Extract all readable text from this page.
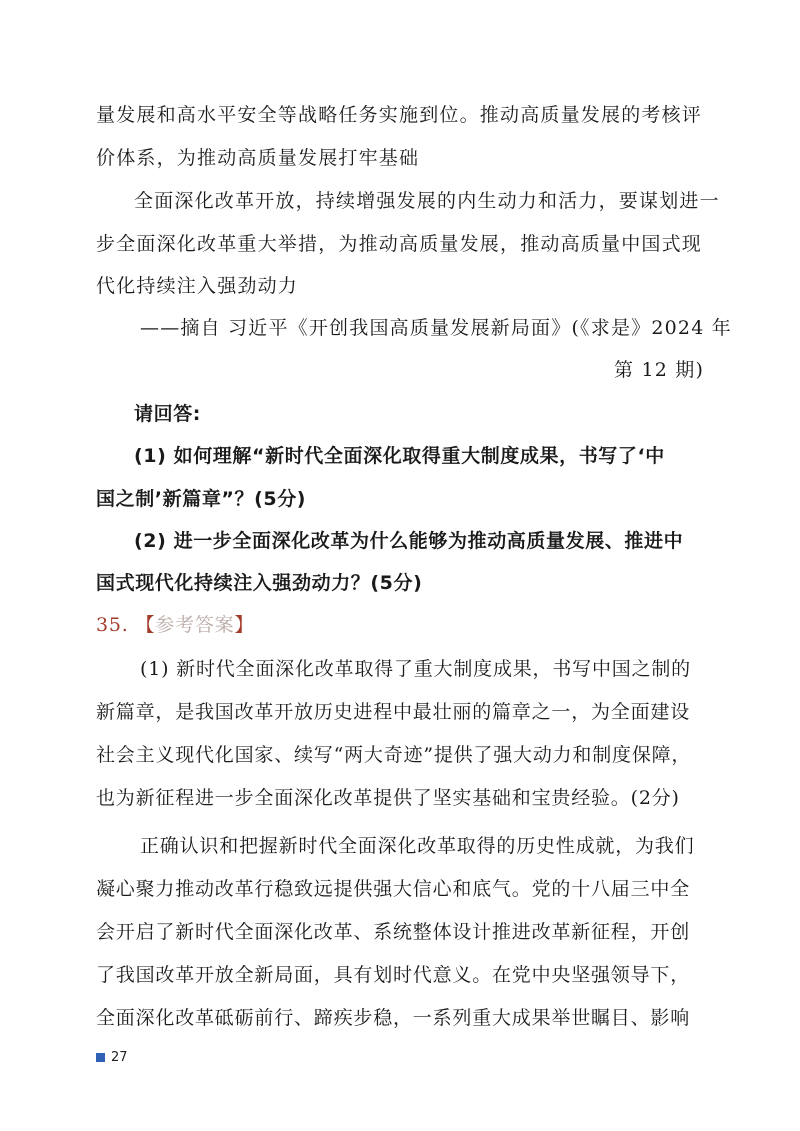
量发展和高水平安全等战略任务实施到位。推动高质量发展的考核评
价体系，为推动高质量发展打牢基础
全面深化改革开放，持续增强发展的内生动力和活力，要谋划进一
步全面深化改革重大举措，为推动高质量发展，推动高质量中国式现
代化持续注入强劲动力
——摘自 习近平《开创我国高质量发展新局面》(《求是》2024 年
第 12 期)
请回答:
(1) 如何理解“新时代全面深化取得重大制度成果，书写了‘中
国之制’新篇章”？(5分)
(2) 进一步全面深化改革为什么能够为推动高质量发展、推进中
国式现代化持续注入强劲动力？(5分)
35. 【参考答案】
(1) 新时代全面深化改革取得了重大制度成果，书写中国之制的
新篇章，是我国改革开放历史进程中最壮丽的篇章之一，为全面建设
社会主义现代化国家、续写“两大奇迹”提供了强大动力和制度保障，
也为新征程进一步全面深化改革提供了坚实基础和宝贵经验。(2分)
正确认识和把握新时代全面深化改革取得的历史性成就，为我们
凝心聚力推动改革行稳致远提供强大信心和底气。党的十八届三中全
会开启了新时代全面深化改革、系统整体设计推进改革新征程，开创
了我国改革开放全新局面，具有划时代意义。在党中央坚强领导下，
全面深化改革砥砺前行、蹄疾步稳，一系列重大成果举世瞩目、影响
27
